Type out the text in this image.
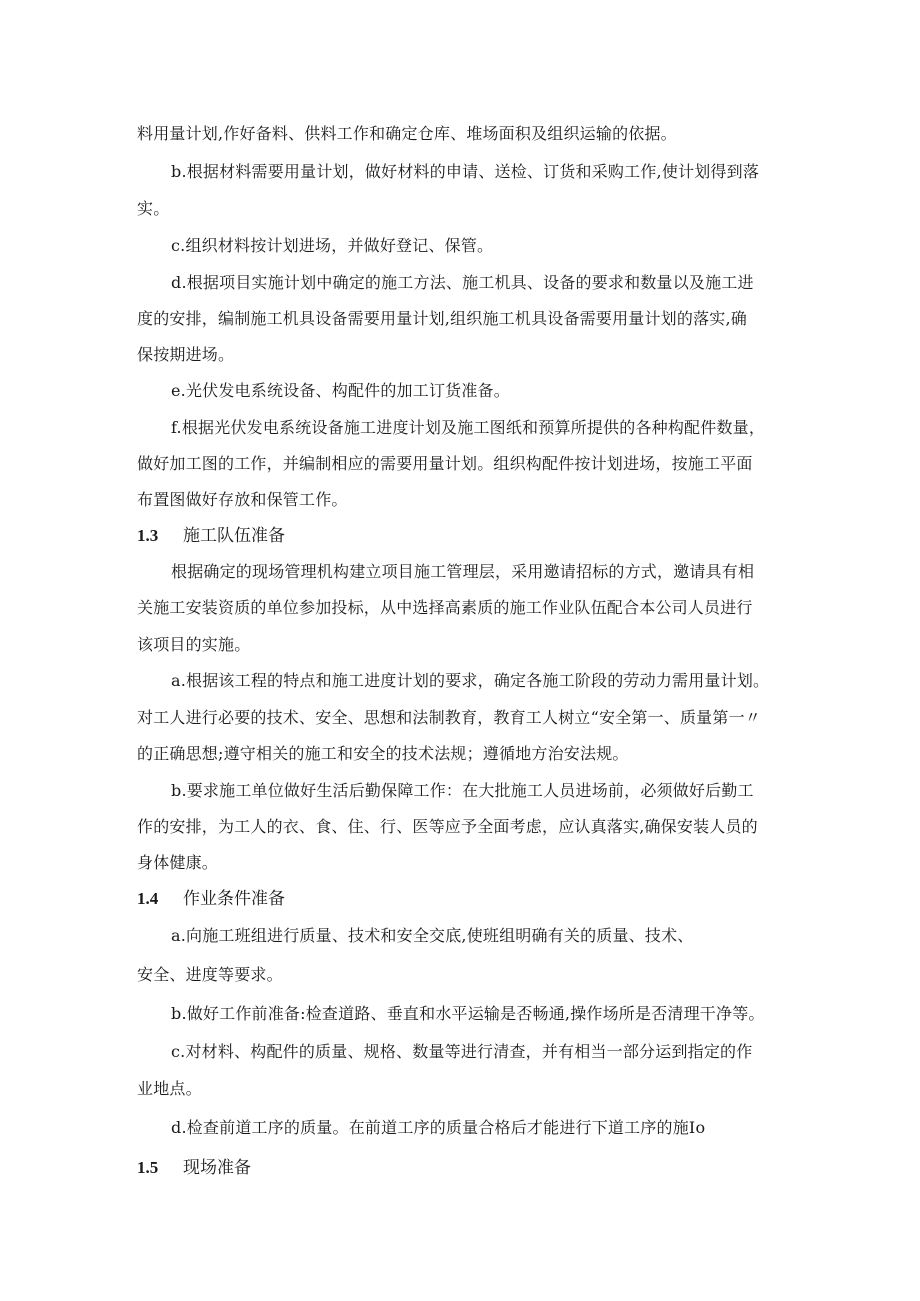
料用量计划,作好备料、供料工作和确定仓库、堆场面积及组织运输的依据。
b.根据材料需要用量计划，做好材料的申请、送检、订货和采购工作,使计划得到落
实。
c.组织材料按计划进场，并做好登记、保管。
d.根据项目实施计划中确定的施工方法、施工机具、设备的要求和数量以及施工进
度的安排，编制施工机具设备需要用量计划,组织施工机具设备需要用量计划的落实,确
保按期进场。
e.光伏发电系统设备、构配件的加工订货准备。
f.根据光伏发电系统设备施工进度计划及施工图纸和预算所提供的各种构配件数量，
做好加工图的工作，并编制相应的需要用量计划。组织构配件按计划进场，按施工平面
布置图做好存放和保管工作。
1.3 施工队伍准备
根据确定的现场管理机构建立项目施工管理层，采用邀请招标的方式，邀请具有相
关施工安装资质的单位参加投标，从中选择高素质的施工作业队伍配合本公司人员进行
该项目的实施。
a.根据该工程的特点和施工进度计划的要求，确定各施工阶段的劳动力需用量计划。
对工人进行必要的技术、安全、思想和法制教育，教育工人树立“安全第一、质量第一〃
的正确思想;遵守相关的施工和安全的技术法规；遵循地方治安法规。
b.要求施工单位做好生活后勤保障工作：在大批施工人员进场前，必须做好后勤工
作的安排，为工人的衣、食、住、行、医等应予全面考虑，应认真落实,确保安装人员的
身体健康。
1.4 作业条件准备
a.向施工班组进行质量、技术和安全交底,使班组明确有关的质量、技术、
安全、进度等要求。
b.做好工作前准备:检查道路、垂直和水平运输是否畅通,操作场所是否清理干净等。
c.对材料、构配件的质量、规格、数量等进行清查，并有相当一部分运到指定的作
业地点。
d.检查前道工序的质量。在前道工序的质量合格后才能进行下道工序的施Io
1.5 现场准备
